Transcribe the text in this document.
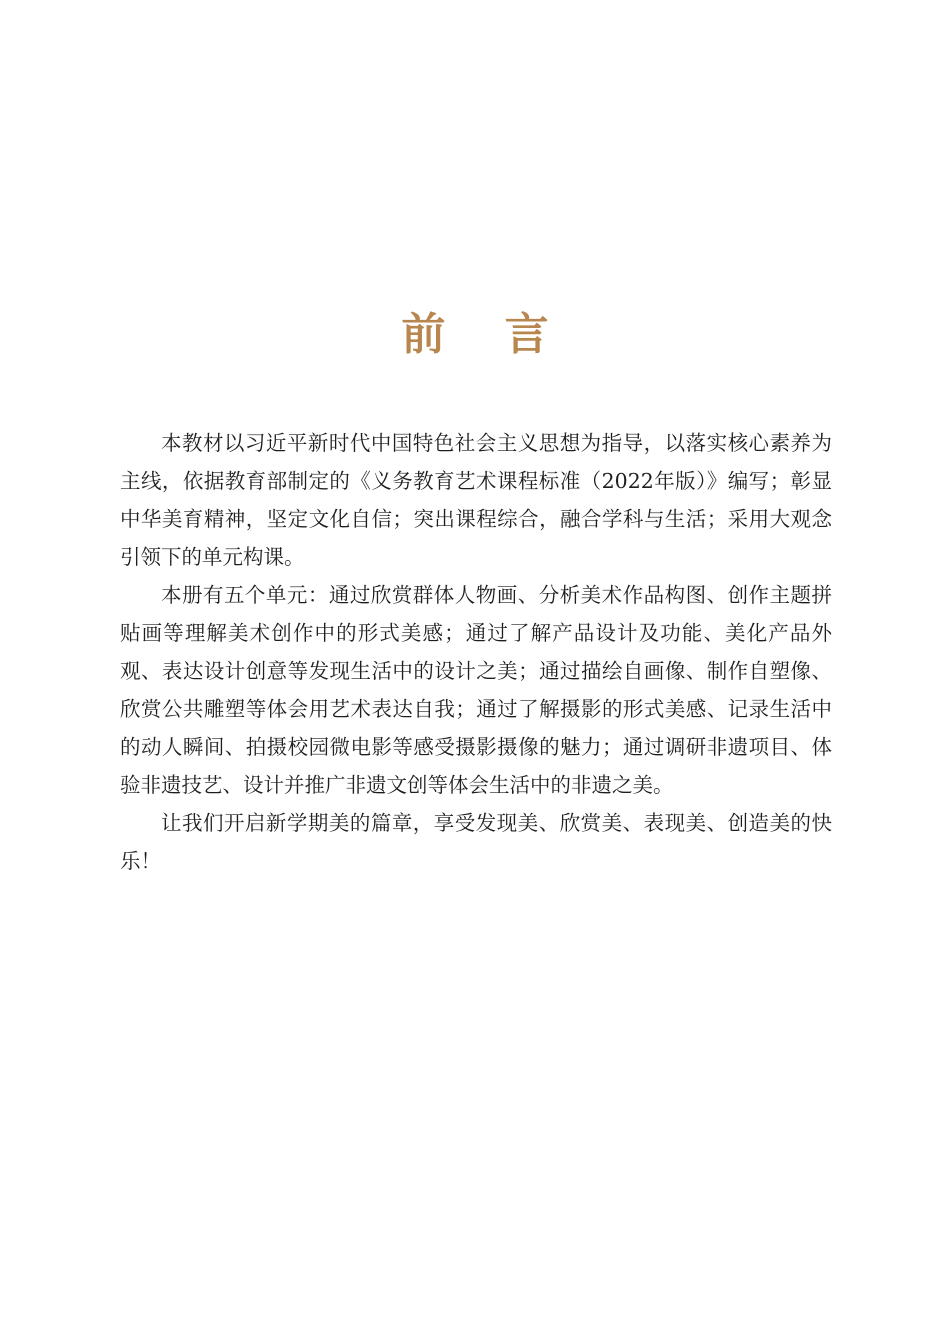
前 言

本教材以习近平新时代中国特色社会主义思想为指导，以落实核心素养为主线，依据教育部制定的《义务教育艺术课程标准（2022年版）》编写；彰显中华美育精神，坚定文化自信；突出课程综合，融合学科与生活；采用大观念引领下的单元构课。

本册有五个单元：通过欣赏群体人物画、分析美术作品构图、创作主题拼贴画等理解美术创作中的形式美感；通过了解产品设计及功能、美化产品外观、表达设计创意等发现生活中的设计之美；通过描绘自画像、制作自塑像、欣赏公共雕塑等体会用艺术表达自我；通过了解摄影的形式美感、记录生活中的动人瞬间、拍摄校园微电影等感受摄影摄像的魅力；通过调研非遗项目、体验非遗技艺、设计并推广非遗文创等体会生活中的非遗之美。

让我们开启新学期美的篇章，享受发现美、欣赏美、表现美、创造美的快乐！
